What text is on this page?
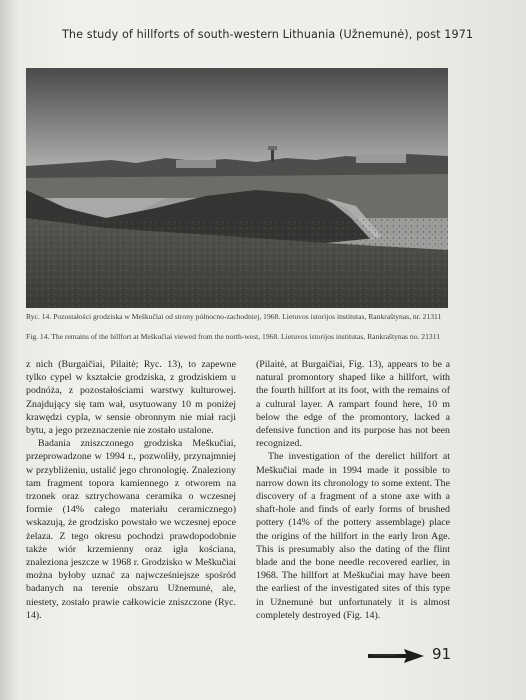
The study of hillforts of south-western Lithuania (Užnemunė), post 1971
Ryc. 14. Pozostałości grodziska w Meškučiai od strony północno-zachodniej, 1968. Lietuvos istorijos institutas, Rankraštynas, nr. 21311
Fig. 14. The remains of the hillfort at Meškučiai viewed from the north-west, 1968. Lietuvos istorijos institutas, Rankraštynas no. 21311

z nich (Burgaičiai, Pilaitė; Ryc. 13), to zapewne tylko cypel w kształcie grodziska, z grodziskiem u podnóża, z pozostałościami warstwy kulturowej. Znajdujący się tam wał, usytuowany 10 m poniżej krawędzi cypla, w sensie obronnym nie miał racji bytu, a jego przeznaczenie nie zostało ustalone.

Badania zniszczonego grodziska Meškučiai, przeprowadzone w 1994 r., pozwoliły, przynajmniej w przybliżeniu, ustalić jego chronologię. Znaleziony tam fragment topora kamiennego z otworem na trzonek oraz sztrychowana ceramika o wczesnej formie (14% całego materiału ceramicznego) wskazują, że grodzisko powstało we wczesnej epoce żelaza. Z tego okresu pochodzi prawdopodobnie także wiór krzemienny oraz igła kościana, znaleziona jeszcze w 1968 r. Grodzisko w Meškučiai można byłoby uznać za najwcześniejsze spośród badanych na terenie obszaru Užnemunė, ale, niestety, zostało prawie całkowicie zniszczone (Ryc. 14).

(Pilaitė, at Burgaičiai, Fig. 13), appears to be a natural promontory shaped like a hillfort, with the fourth hillfort at its foot, with the remains of a cultural layer. A rampart found here, 10 m below the edge of the promontory, lacked a defensive function and its purpose has not been recognized.

The investigation of the derelict hillfort at Meškučiai made in 1994 made it possible to narrow down its chronology to some extent. The discovery of a fragment of a stone axe with a shaft-hole and finds of early forms of brushed pottery (14% of the pottery assemblage) place the origins of the hillfort in the early Iron Age. This is presumably also the dating of the flint blade and the bone needle recovered earlier, in 1968. The hillfort at Meškučiai may have been the earliest of the investigated sites of this type in Užnemunė but unfortunately it is almost completely destroyed (Fig. 14).

91
